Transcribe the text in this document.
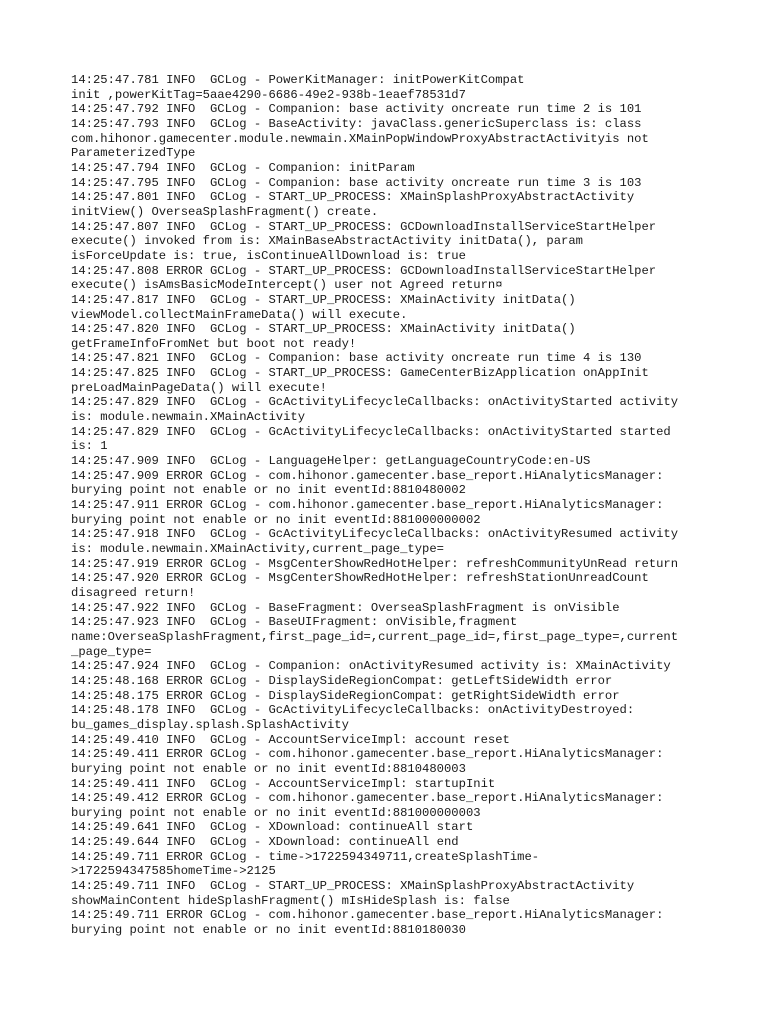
14:25:47.781 INFO  GCLog - PowerKitManager: initPowerKitCompat
init ,powerKitTag=5aae4290-6686-49e2-938b-1eaef78531d7
14:25:47.792 INFO  GCLog - Companion: base activity oncreate run time 2 is 101
14:25:47.793 INFO  GCLog - BaseActivity: javaClass.genericSuperclass is: class
com.hihonor.gamecenter.module.newmain.XMainPopWindowProxyAbstractActivityis not
ParameterizedType
14:25:47.794 INFO  GCLog - Companion: initParam
14:25:47.795 INFO  GCLog - Companion: base activity oncreate run time 3 is 103
14:25:47.801 INFO  GCLog - START_UP_PROCESS: XMainSplashProxyAbstractActivity
initView() OverseaSplashFragment() create.
14:25:47.807 INFO  GCLog - START_UP_PROCESS: GCDownloadInstallServiceStartHelper
execute() invoked from is: XMainBaseAbstractActivity initData(), param
isForceUpdate is: true, isContinueAllDownload is: true
14:25:47.808 ERROR GCLog - START_UP_PROCESS: GCDownloadInstallServiceStartHelper
execute() isAmsBasicModeIntercept() user not Agreed return¤
14:25:47.817 INFO  GCLog - START_UP_PROCESS: XMainActivity initData()
viewModel.collectMainFrameData() will execute.
14:25:47.820 INFO  GCLog - START_UP_PROCESS: XMainActivity initData()
getFrameInfoFromNet but boot not ready!
14:25:47.821 INFO  GCLog - Companion: base activity oncreate run time 4 is 130
14:25:47.825 INFO  GCLog - START_UP_PROCESS: GameCenterBizApplication onAppInit
preLoadMainPageData() will execute!
14:25:47.829 INFO  GCLog - GcActivityLifecycleCallbacks: onActivityStarted activity
is: module.newmain.XMainActivity
14:25:47.829 INFO  GCLog - GcActivityLifecycleCallbacks: onActivityStarted started
is: 1
14:25:47.909 INFO  GCLog - LanguageHelper: getLanguageCountryCode:en-US
14:25:47.909 ERROR GCLog - com.hihonor.gamecenter.base_report.HiAnalyticsManager:
burying point not enable or no init eventId:8810480002
14:25:47.911 ERROR GCLog - com.hihonor.gamecenter.base_report.HiAnalyticsManager:
burying point not enable or no init eventId:881000000002
14:25:47.918 INFO  GCLog - GcActivityLifecycleCallbacks: onActivityResumed activity
is: module.newmain.XMainActivity,current_page_type=
14:25:47.919 ERROR GCLog - MsgCenterShowRedHotHelper: refreshCommunityUnRead return
14:25:47.920 ERROR GCLog - MsgCenterShowRedHotHelper: refreshStationUnreadCount
disagreed return!
14:25:47.922 INFO  GCLog - BaseFragment: OverseaSplashFragment is onVisible
14:25:47.923 INFO  GCLog - BaseUIFragment: onVisible,fragment
name:OverseaSplashFragment,first_page_id=,current_page_id=,first_page_type=,current
_page_type=
14:25:47.924 INFO  GCLog - Companion: onActivityResumed activity is: XMainActivity
14:25:48.168 ERROR GCLog - DisplaySideRegionCompat: getLeftSideWidth error
14:25:48.175 ERROR GCLog - DisplaySideRegionCompat: getRightSideWidth error
14:25:48.178 INFO  GCLog - GcActivityLifecycleCallbacks: onActivityDestroyed:
bu_games_display.splash.SplashActivity
14:25:49.410 INFO  GCLog - AccountServiceImpl: account reset
14:25:49.411 ERROR GCLog - com.hihonor.gamecenter.base_report.HiAnalyticsManager:
burying point not enable or no init eventId:8810480003
14:25:49.411 INFO  GCLog - AccountServiceImpl: startupInit
14:25:49.412 ERROR GCLog - com.hihonor.gamecenter.base_report.HiAnalyticsManager:
burying point not enable or no init eventId:881000000003
14:25:49.641 INFO  GCLog - XDownload: continueAll start
14:25:49.644 INFO  GCLog - XDownload: continueAll end
14:25:49.711 ERROR GCLog - time->1722594349711,createSplashTime-
>1722594347585homeTime->2125
14:25:49.711 INFO  GCLog - START_UP_PROCESS: XMainSplashProxyAbstractActivity
showMainContent hideSplashFragment() mIsHideSplash is: false
14:25:49.711 ERROR GCLog - com.hihonor.gamecenter.base_report.HiAnalyticsManager:
burying point not enable or no init eventId:8810180030
